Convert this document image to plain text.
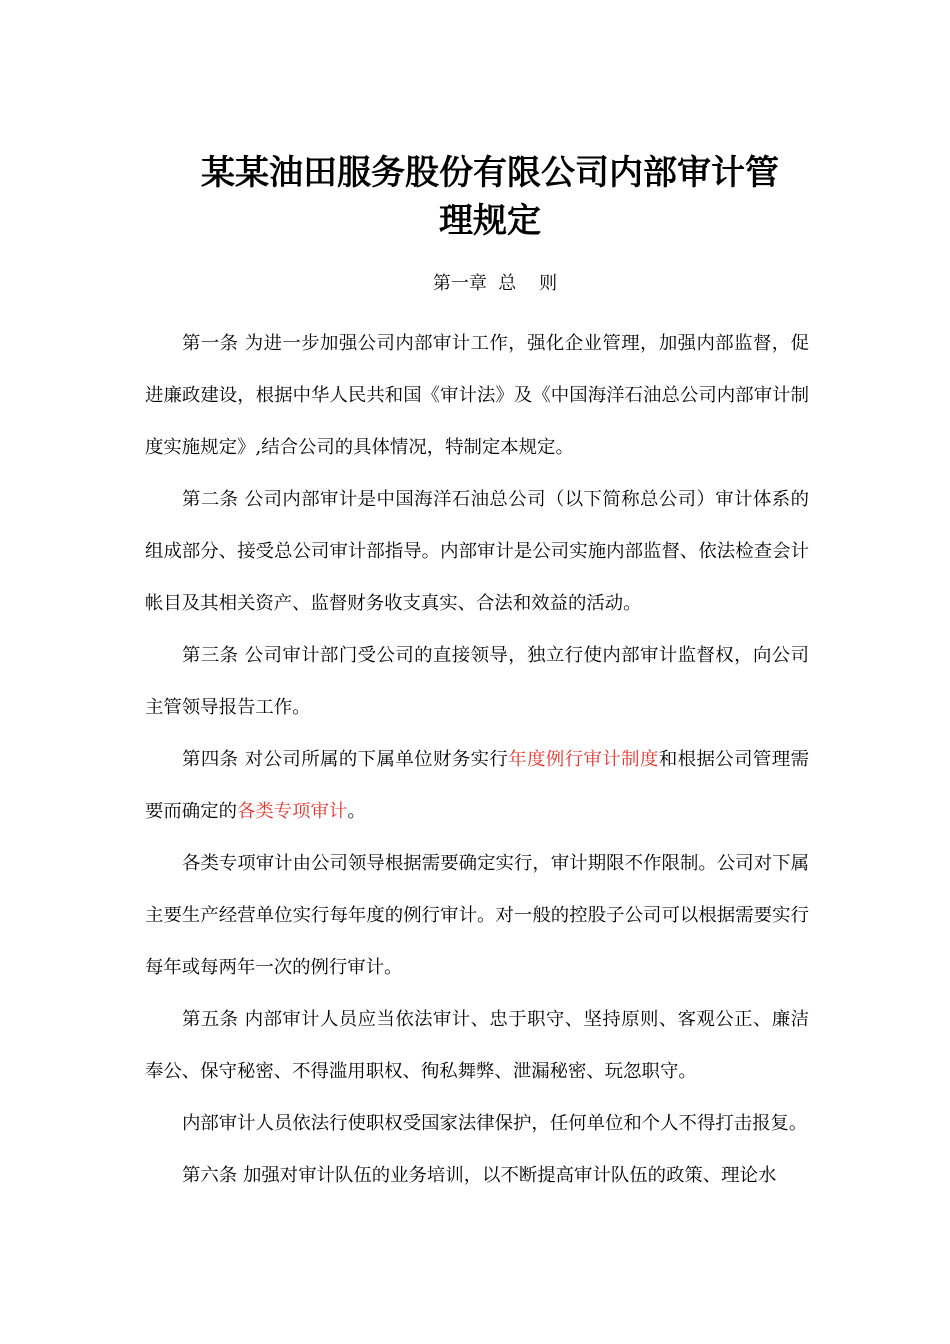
某某油田服务股份有限公司内部审计管
理规定
第一章  总    则

第一条 为进一步加强公司内部审计工作，强化企业管理，加强内部监督，促进廉政建设，根据中华人民共和国《审计法》及《中国海洋石油总公司内部审计制度实施规定》,结合公司的具体情况，特制定本规定。

第二条 公司内部审计是中国海洋石油总公司（以下简称总公司）审计体系的组成部分、接受总公司审计部指导。内部审计是公司实施内部监督、依法检查会计帐目及其相关资产、监督财务收支真实、合法和效益的活动。

第三条 公司审计部门受公司的直接领导，独立行使内部审计监督权，向公司主管领导报告工作。

第四条 对公司所属的下属单位财务实行年度例行审计制度和根据公司管理需要而确定的各类专项审计。

各类专项审计由公司领导根据需要确定实行，审计期限不作限制。公司对下属主要生产经营单位实行每年度的例行审计。对一般的控股子公司可以根据需要实行每年或每两年一次的例行审计。

第五条 内部审计人员应当依法审计、忠于职守、坚持原则、客观公正、廉洁奉公、保守秘密、不得滥用职权、徇私舞弊、泄漏秘密、玩忽职守。

内部审计人员依法行使职权受国家法律保护，任何单位和个人不得打击报复。

第六条 加强对审计队伍的业务培训，以不断提高审计队伍的政策、理论水
